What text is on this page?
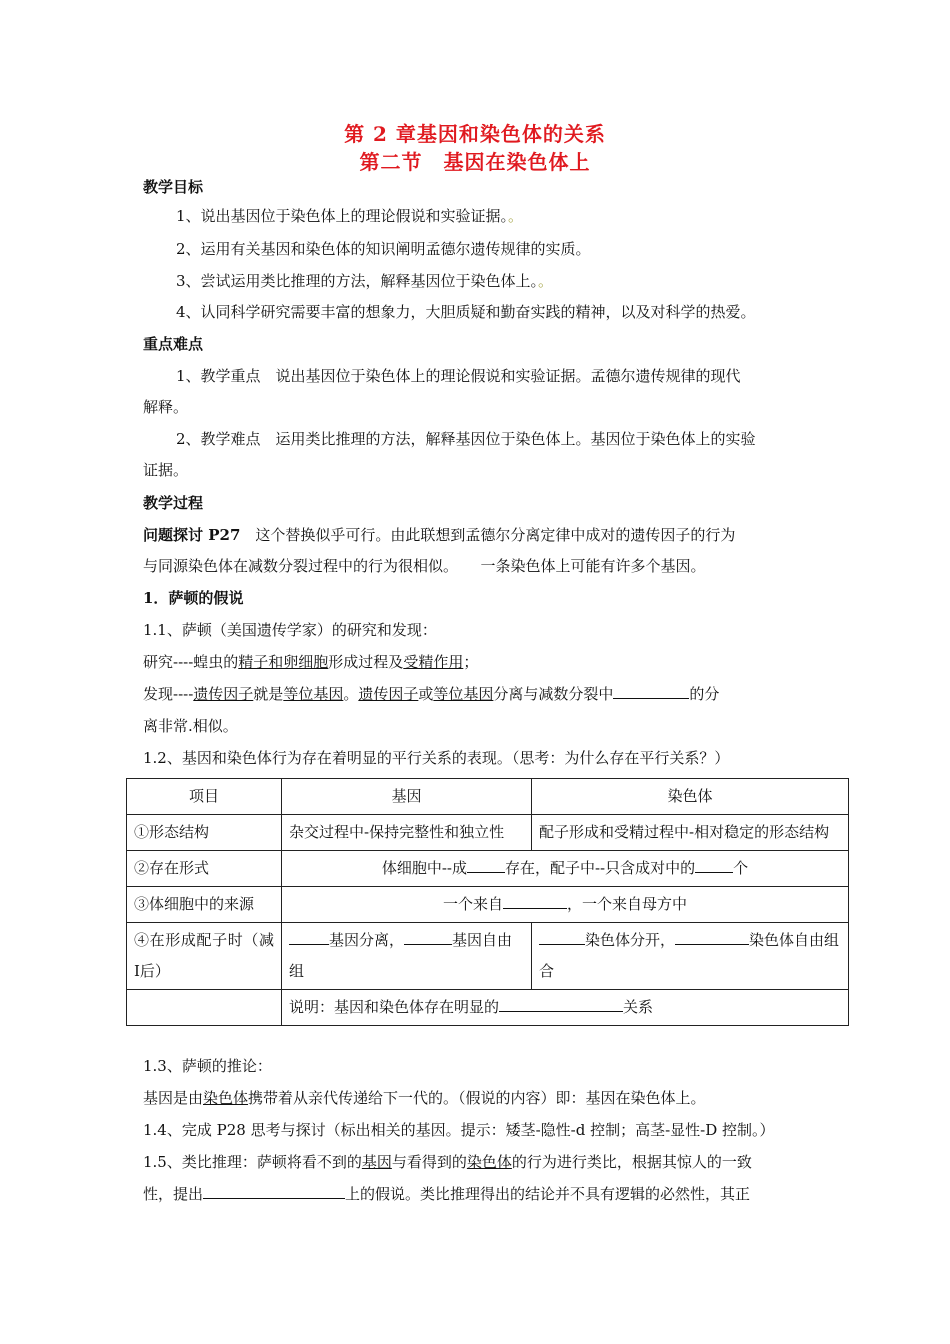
第 2 章基因和染色体的关系
第二节　基因在染色体上
教学目标
1、说出基因位于染色体上的理论假说和实验证据。。
2、运用有关基因和染色体的知识阐明孟德尔遗传规律的实质。
3、尝试运用类比推理的方法，解释基因位于染色体上。。
4、认同科学研究需要丰富的想象力，大胆质疑和勤奋实践的精神，以及对科学的热爱。
重点难点
1、教学重点　说出基因位于染色体上的理论假说和实验证据。孟德尔遗传规律的现代
解释。
2、教学难点　运用类比推理的方法，解释基因位于染色体上。基因位于染色体上的实验
证据。
教学过程
问题探讨 P27　这个替换似乎可行。由此联想到孟德尔分离定律中成对的遗传因子的行为
与同源染色体在减数分裂过程中的行为很相似。　　一条染色体上可能有许多个基因。
1．萨顿的假说
1.1、萨顿（美国遗传学家）的研究和发现：
研究----蝗虫的精子和卵细胞形成过程及受精作用；
发现----遗传因子就是等位基因。遗传因子或等位基因分离与减数分裂中	的分
离非常.相似。
1.2、基因和染色体行为存在着明显的平行关系的表现。（思考：为什么存在平行关系？）
项目	基因	染色体
①形态结构	杂交过程中-保持完整性和独立性	配子形成和受精过程中-相对稳定的形态结构
②存在形式	体细胞中--成 存在，配子中--只含成对中的 个	
③体细胞中的来源	一个来自 ，一个来自母方中	
④在形成配子时（减Ⅰ后）	基因分离， 基因自由组	染色体分开， 染色体自由组合
	说明：基因和染色体存在明显的 关系	
1.3、萨顿的推论：
基因是由染色体携带着从亲代传递给下一代的。（假说的内容）即：基因在染色体上。
1.4、完成 P28 思考与探讨（标出相关的基因。提示：矮茎-隐性-d 控制；高茎-显性-D 控制。）
1.5、类比推理：萨顿将看不到的基因与看得到的染色体的行为进行类比，根据其惊人的一致
性，提出	上的假说。类比推理得出的结论并不具有逻辑的必然性，其正
